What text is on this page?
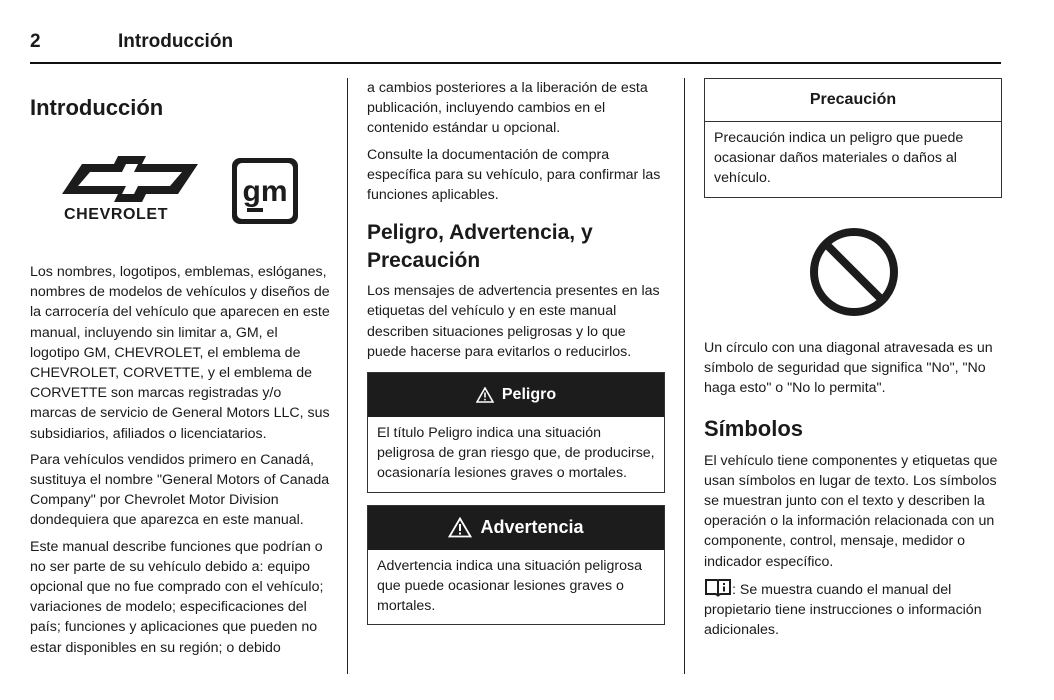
2	Introducción
Introducción
CHEVROLET
gm

Los nombres, logotipos, emblemas, eslóganes, nombres de modelos de vehículos y diseños de la carrocería del vehículo que aparecen en este manual, incluyendo sin limitar a, GM, el logotipo GM, CHEVROLET, el emblema de CHEVROLET, CORVETTE, y el emblema de CORVETTE son marcas registradas y/o marcas de servicio de General Motors LLC, sus subsidiarios, afiliados o licenciatarios.

Para vehículos vendidos primero en Canadá, sustituya el nombre "General Motors of Canada Company" por Chevrolet Motor Division dondequiera que aparezca en este manual.

Este manual describe funciones que podrían o no ser parte de su vehículo debido a: equipo opcional que no fue comprado con el vehículo; variaciones de modelo; especificaciones del país; funciones y aplicaciones que pueden no estar disponibles en su región; o debido

a cambios posteriores a la liberación de esta publicación, incluyendo cambios en el contenido estándar u opcional.

Consulte la documentación de compra específica para su vehículo, para confirmar las funciones aplicables.

Peligro, Advertencia, y Precaución

Los mensajes de advertencia presentes en las etiquetas del vehículo y en este manual describen situaciones peligrosas y lo que puede hacerse para evitarlos o reducirlos.

Peligro

El título Peligro indica una situación peligrosa de gran riesgo que, de producirse, ocasionaría lesiones graves o mortales.

Advertencia

Advertencia indica una situación peligrosa que puede ocasionar lesiones graves o mortales.

Precaución

Precaución indica un peligro que puede ocasionar daños materiales o daños al vehículo.

Un círculo con una diagonal atravesada es un símbolo de seguridad que significa "No", "No haga esto" o "No lo permita".

Símbolos

El vehículo tiene componentes y etiquetas que usan símbolos en lugar de texto. Los símbolos se muestran junto con el texto y describen la operación o la información relacionada con un componente, control, mensaje, medidor o indicador específico.

: Se muestra cuando el manual del propietario tiene instrucciones o información adicionales.
